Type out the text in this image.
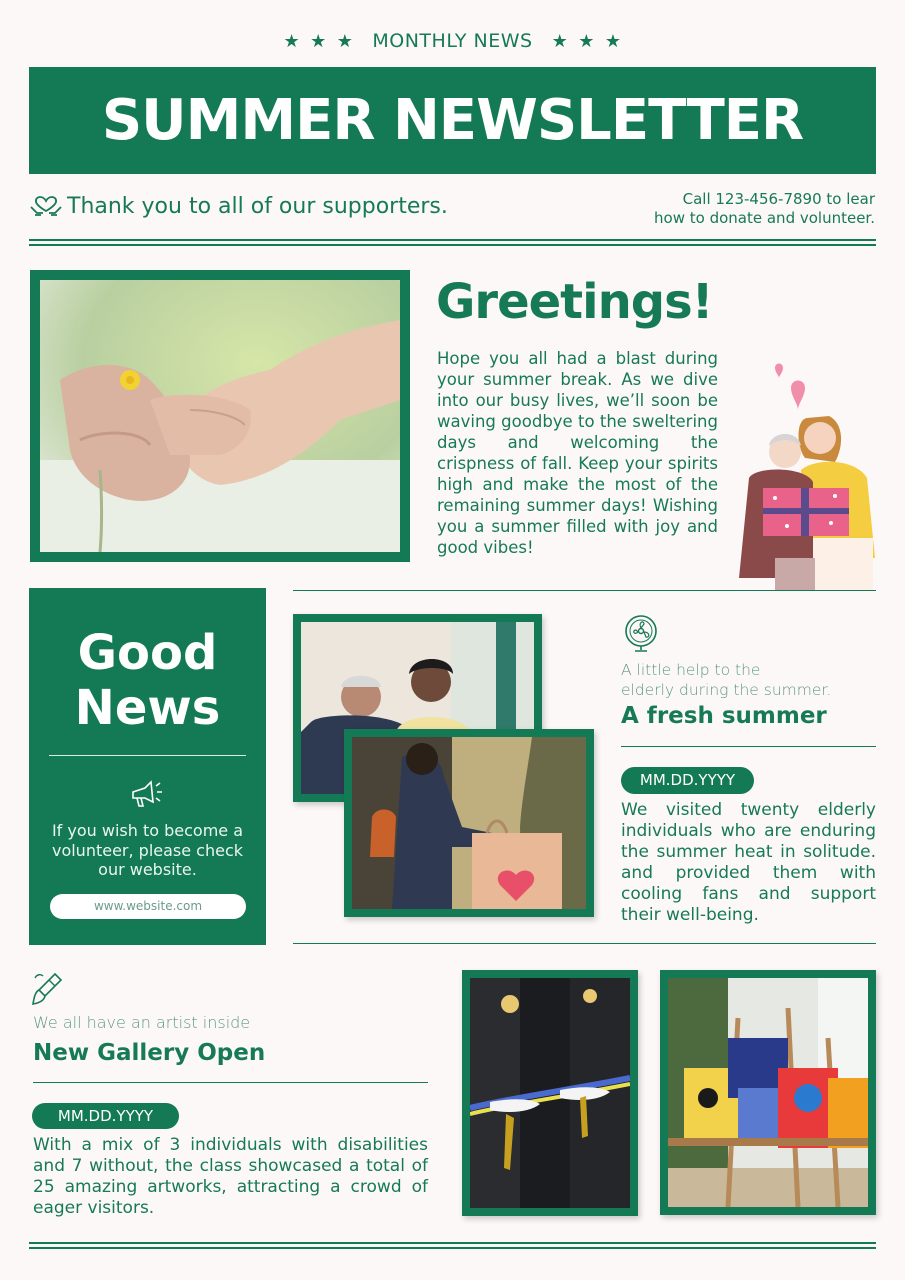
★ ★ ★ MONTHLY NEWS ★ ★ ★
SUMMER NEWSLETTER
Thank you to all of our supporters.	Call 123-456-7890 to lear
how to donate and volunteer.
Greetings!
Hope you all had a blast during your summer break. As we dive into our busy lives, we’ll soon be waving goodbye to the sweltering days and welcoming the crispness of fall. Keep your spirits high and make the most of the remaining summer days! Wishing you a summer filled with joy and good vibes!
Good
News
If you wish to become a volunteer, please check our website.
www.website.com
A little help to the
elderly during the summer.
A fresh summer
MM.DD.YYYY
We visited twenty elderly individuals who are enduring the summer heat in solitude. and provided them with cooling fans and support their well-being.
We all have an artist inside
New Gallery Open
MM.DD.YYYY
With a mix of 3 individuals with disabilities and 7 without, the class showcased a total of 25 amazing artworks, attracting a crowd of eager visitors.
